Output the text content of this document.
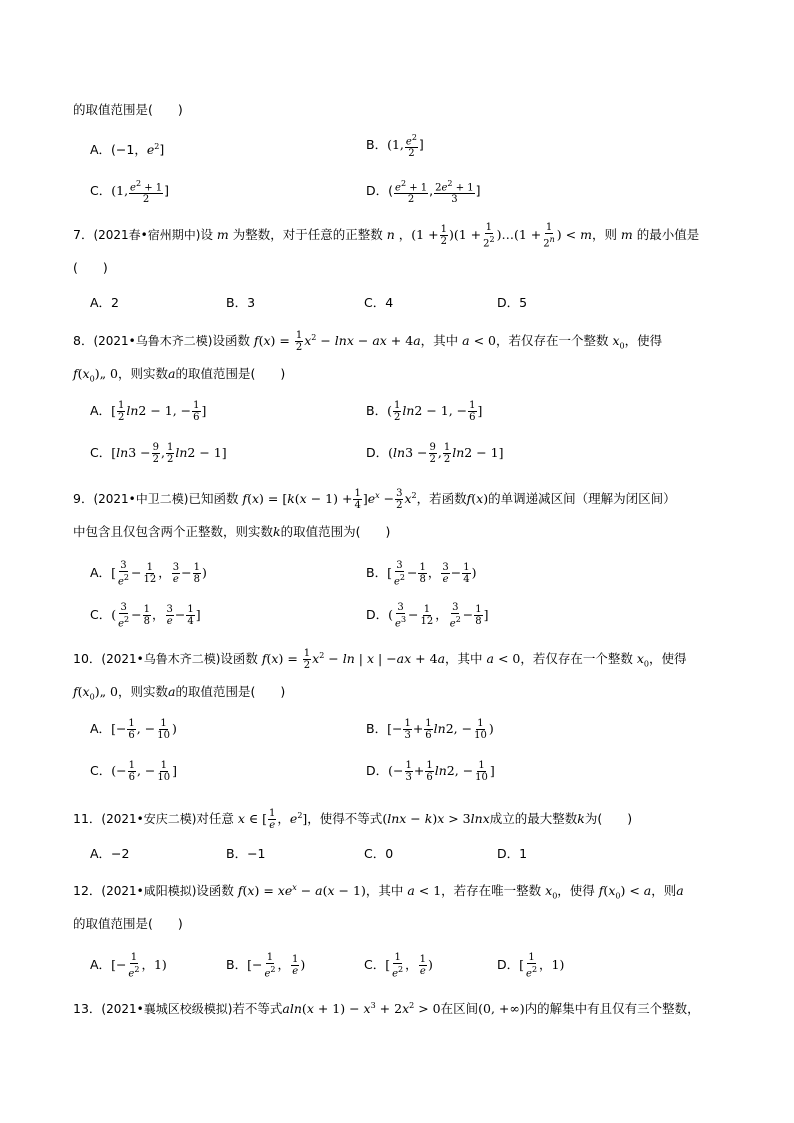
的取值范围是(　　)
A．(−1，$e^2$]	B．(1, $\frac{e^2}{2}$ ]
C．(1, $\frac{e^2 + 1}{2}$ ]	D．( $\frac{e^2 + 1}{2}$ , $\frac{2e^2 + 1}{3}$ ]
7．(2021春•宿州期中)设 m 为整数，对于任意的正整数 n ，$(1 + \frac{1}{2} )(1 + \frac{1}{2^2}$ )…(1 + $\frac{1}{2^n}$ ) < m，则 m 的最小值是
(　　)
A．2	B．3	C．4	D．5
8．(2021•乌鲁木齐二模)设函数 $f(x) = \frac{1}{2} x^2 - \ln x$ − ax + 4a，其中 a < 0，若仅存在一个整数 $x_0$，使得
$f(x_0)„$ 0，则实数a的取值范围是(　　)
A．[ $\frac{1}{2} \ln 2 - 1$, − $\frac{1}{6}$ ]	B．( $\frac{1}{2} \ln 2 - 1$, − $\frac{1}{6}$ ]
C．[$\ln 3 - \frac{9}{2}$ , $\frac{1}{2} \ln 2 - 1$]	D．($\ln 3 - \frac{9}{2}$ , $\frac{1}{2} \ln 2 - 1$]
9．(2021•中卫二模)已知函数 $f(x) = [k(x - 1) + \frac{1}{4} ]e^x - \frac{3}{2} x^2$，若函数f(x)的单调递减区间（理解为闭区间）
中包含且仅包含两个正整数，则实数k的取值范围为(　　)
A．[ $\frac{3}{e^2} - \frac{1}{12}$ ， $\frac{3}{e} - \frac{1}{8}$ )	B．[ $\frac{3}{e^2} - \frac{1}{8}$ ， $\frac{3}{e} - \frac{1}{4}$ )
C．( $\frac{3}{e^2} - \frac{1}{8}$ ， $\frac{3}{e} - \frac{1}{4}$ ]	D．( $\frac{3}{e^3} - \frac{1}{12}$ ， $\frac{3}{e^2} - \frac{1}{8}$ ]
10．(2021•乌鲁木齐二模)设函数 $f(x) = \frac{1}{2} x^2 - \ln$ | x | −ax + 4a，其中 a < 0，若仅存在一个整数 $x_0$，使得
$f(x_0)„$ 0，则实数a的取值范围是(　　)
A．[− $\frac{1}{6}$ , − $\frac{1}{10}$ )	B．[− $\frac{1}{3} + \frac{1}{6} \ln 2$, − $\frac{1}{10}$ )
C．(− $\frac{1}{6}$ , − $\frac{1}{10}$ ]	D．(− $\frac{1}{3} + \frac{1}{6} \ln 2$, − $\frac{1}{10}$ ]
11．(2021•安庆二模)对任意 x ∈ [ $\frac{1}{e}$ ，$e^2$]，使得不等式(lnx − k)x > 3lnx成立的最大整数k为(　　)
A．−2	B．−1	C．0	D．1
12．(2021•咸阳模拟)设函数 $f(x) = xe^x - a(x - 1)$，其中 a < 1，若存在唯一整数 $x_0$，使得 $f(x_0) < a$，则a
的取值范围是(　　)
A．[− $\frac{1}{e^2}$ ，1)	B．[− $\frac{1}{e^2}$ ， $\frac{1}{e}$ )	C．[ $\frac{1}{e^2}$ ， $\frac{1}{e}$ )	D．[ $\frac{1}{e^2}$ ，1)
13．(2021•襄城区校级模拟)若不等式$aln(x + 1) - x^3 + 2x^2 > 0$在区间(0, +∞)内的解集中有且仅有三个整数，
